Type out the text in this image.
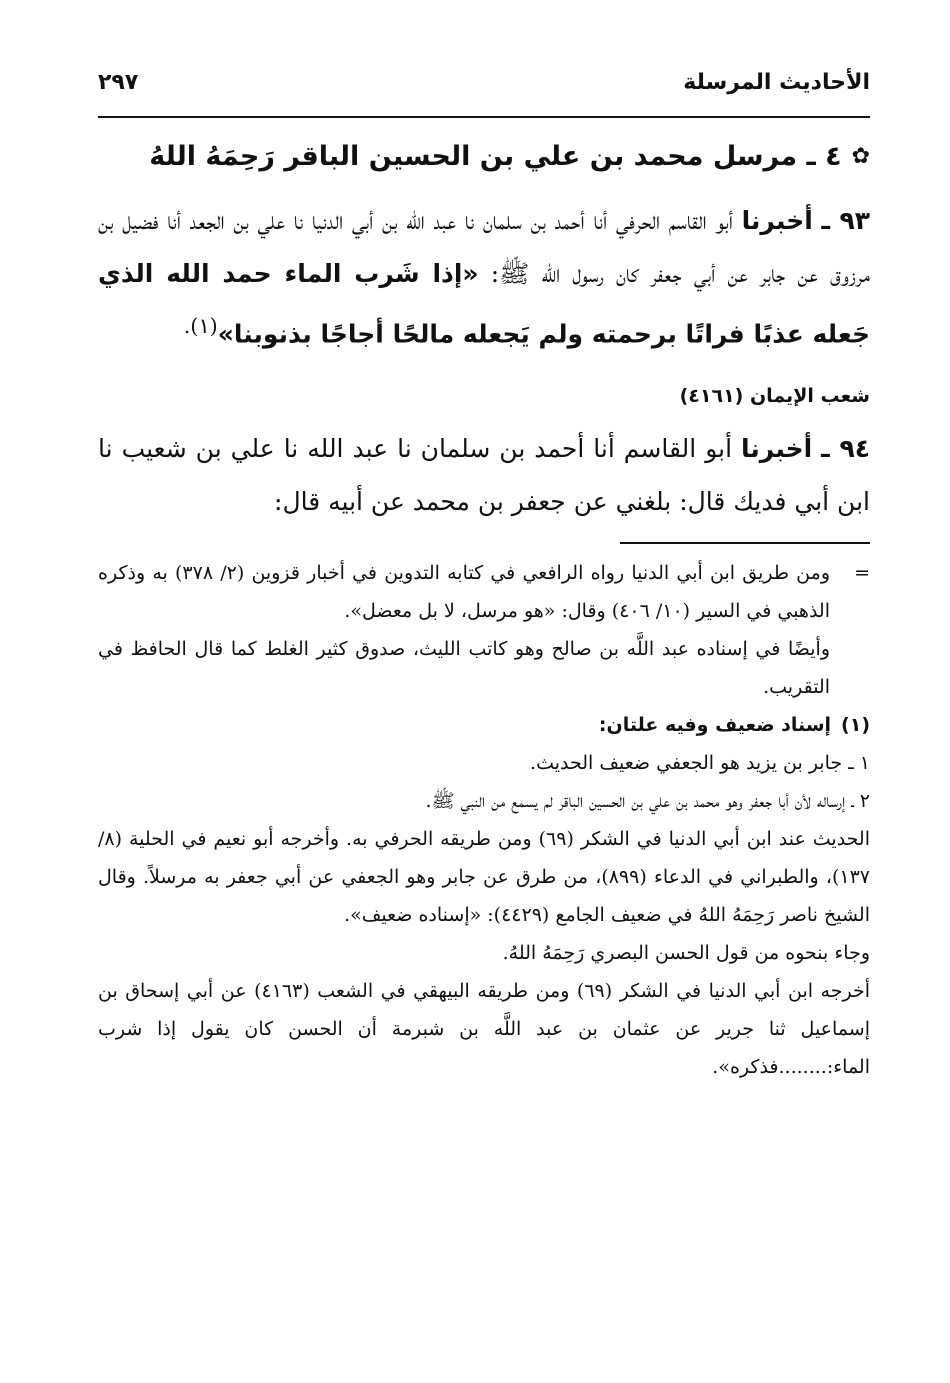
الأحاديث المرسلة
٢٩٧
✿
٤ ـ مرسل محمد بن علي بن الحسين الباقر رَحِمَهُ اللهُ

٩٣ ـ أخبرنا أبو القاسم الحرفي أنا أحمد بن سلمان نا عبد الله بن أبي الدنيا نا علي بن الجعد أنا فضيل بن مرزوق عن جابر عن أبي جعفر كان رسول الله ﷺ: «إذا شَرب الماء حمد الله الذي جَعله عذبًا فراتًا برحمته ولم يَجعله مالحًا أجاجًا بذنوبنا»$^{(١).}$

شعب الإيمان (٤١٦١)

٩٤ ـ أخبرنا أبو القاسم أنا أحمد بن سلمان نا عبد الله نا علي بن شعيب نا ابن أبي فديك قال: بلغني عن جعفر بن محمد عن أبيه قال:

=

ومن طريق ابن أبي الدنيا رواه الرافعي في كتابه التدوين في أخبار قزوين (٢/ ٣٧٨) به وذكره الذهبي في السير (١٠/ ٤٠٦) وقال: «هو مرسل، لا بل معضل».

وأيضًا في إسناده عبد اللَّه بن صالح وهو كاتب الليث، صدوق كثير الغلط كما قال الحافظ في التقريب.

(١)
إسناد ضعيف وفيه علتان:

١ ـ جابر بن يزيد هو الجعفي ضعيف الحديث.

٢ ـ إرساله لأن أبا جعفر وهو محمد بن علي بن الحسين الباقر لم يسمع من النبي ﷺ.

الحديث عند ابن أبي الدنيا في الشكر (٦٩) ومن طريقه الحرفي به. وأخرجه أبو نعيم في الحلية (٨/ ١٣٧)، والطبراني في الدعاء (٨٩٩)، من طرق عن جابر وهو الجعفي عن أبي جعفر به مرسلاً. وقال الشيخ ناصر رَحِمَهُ اللهُ في ضعيف الجامع (٤٤٢٩): «إسناده ضعيف».

وجاء بنحوه من قول الحسن البصري رَحِمَهُ اللهُ.

أخرجه ابن أبي الدنيا في الشكر (٦٩) ومن طريقه البيهقي في الشعب (٤١٦٣) عن أبي إسحاق بن إسماعيل ثنا جرير عن عثمان بن عبد اللَّه بن شبرمة أن الحسن كان يقول إذا شرب الماء:........فذكره».
